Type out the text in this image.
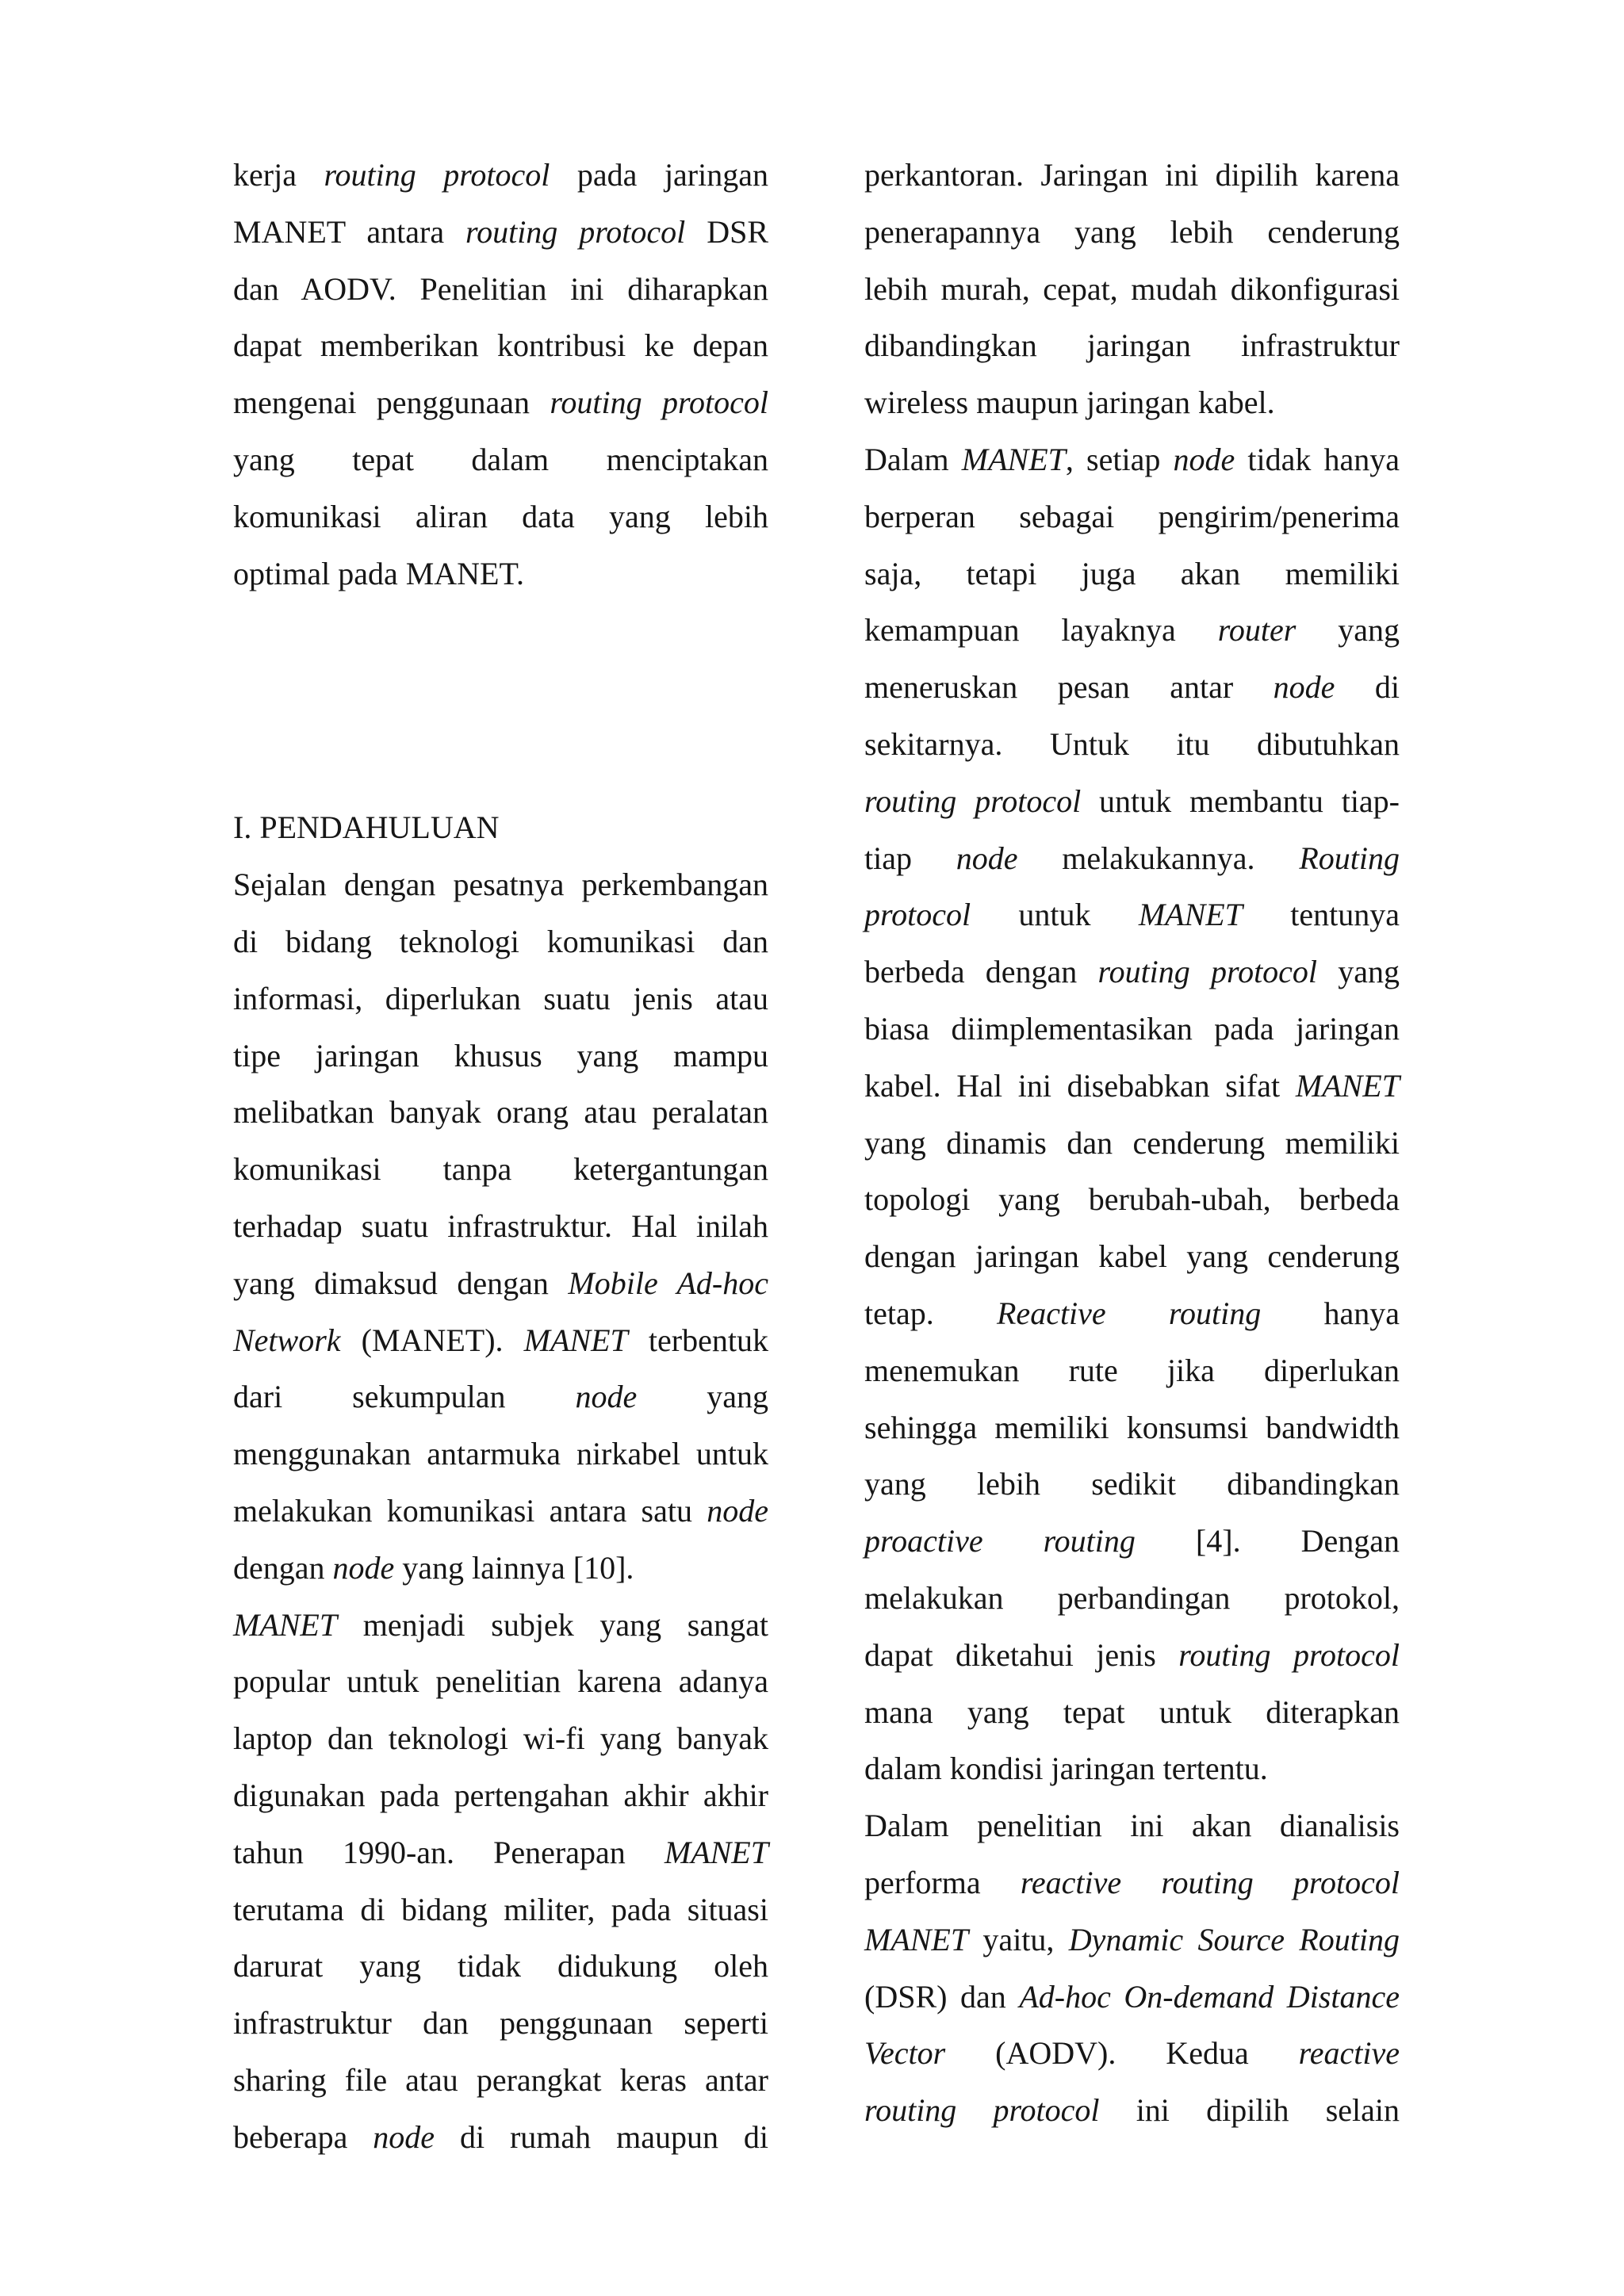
kerja routing protocol pada jaringan
MANET antara routing protocol DSR
dan AODV. Penelitian ini diharapkan
dapat memberikan kontribusi ke depan
mengenai penggunaan routing protocol
yang tepat dalam menciptakan
komunikasi aliran data yang lebih
optimal pada MANET.
I. PENDAHULUAN
Sejalan dengan pesatnya perkembangan
di bidang teknologi komunikasi dan
informasi, diperlukan suatu jenis atau
tipe jaringan khusus yang mampu
melibatkan banyak orang atau peralatan
komunikasi tanpa ketergantungan
terhadap suatu infrastruktur. Hal inilah
yang dimaksud dengan Mobile Ad-hoc
Network (MANET). MANET terbentuk
dari sekumpulan node yang
menggunakan antarmuka nirkabel untuk
melakukan komunikasi antara satu node
dengan node yang lainnya [10].
MANET menjadi subjek yang sangat
popular untuk penelitian karena adanya
laptop dan teknologi wi-fi yang banyak
digunakan pada pertengahan akhir akhir
tahun 1990-an. Penerapan MANET
terutama di bidang militer, pada situasi
darurat yang tidak didukung oleh
infrastruktur dan penggunaan seperti
sharing file atau perangkat keras antar
beberapa node di rumah maupun di
perkantoran. Jaringan ini dipilih karena
penerapannya yang lebih cenderung
lebih murah, cepat, mudah dikonfigurasi
dibandingkan jaringan infrastruktur
wireless maupun jaringan kabel.
Dalam MANET, setiap node tidak hanya
berperan sebagai pengirim/penerima
saja, tetapi juga akan memiliki
kemampuan layaknya router yang
meneruskan pesan antar node di
sekitarnya. Untuk itu dibutuhkan
routing protocol untuk membantu tiap-
tiap node melakukannya. Routing
protocol untuk MANET tentunya
berbeda dengan routing protocol yang
biasa diimplementasikan pada jaringan
kabel. Hal ini disebabkan sifat MANET
yang dinamis dan cenderung memiliki
topologi yang berubah-ubah, berbeda
dengan jaringan kabel yang cenderung
tetap. Reactive routing hanya
menemukan rute jika diperlukan
sehingga memiliki konsumsi bandwidth
yang lebih sedikit dibandingkan
proactive routing [4]. Dengan
melakukan perbandingan protokol,
dapat diketahui jenis routing protocol
mana yang tepat untuk diterapkan
dalam kondisi jaringan tertentu.
Dalam penelitian ini akan dianalisis
performa reactive routing protocol
MANET yaitu, Dynamic Source Routing
(DSR) dan Ad-hoc On-demand Distance
Vector (AODV). Kedua reactive
routing protocol ini dipilih selain
